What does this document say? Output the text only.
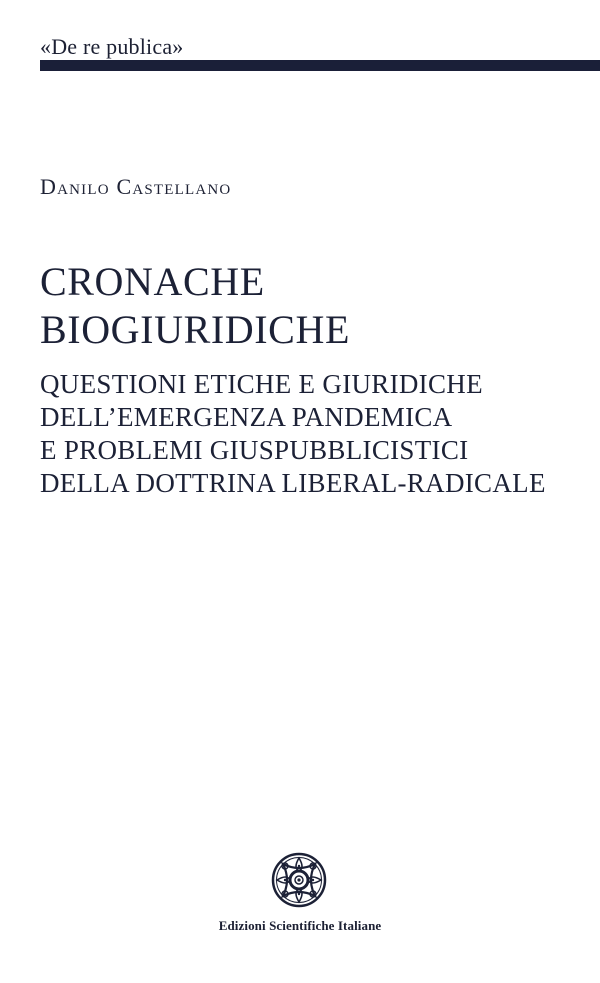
«De re publica»
Danilo Castellano
CRONACHE
BIOGIURIDICHE
QUESTIONI ETICHE E GIURIDICHE
DELL’EMERGENZA PANDEMICA
E PROBLEMI GIUSPUBBLICISTICI
DELLA DOTTRINA LIBERAL-RADICALE
Edizioni Scientifiche Italiane
